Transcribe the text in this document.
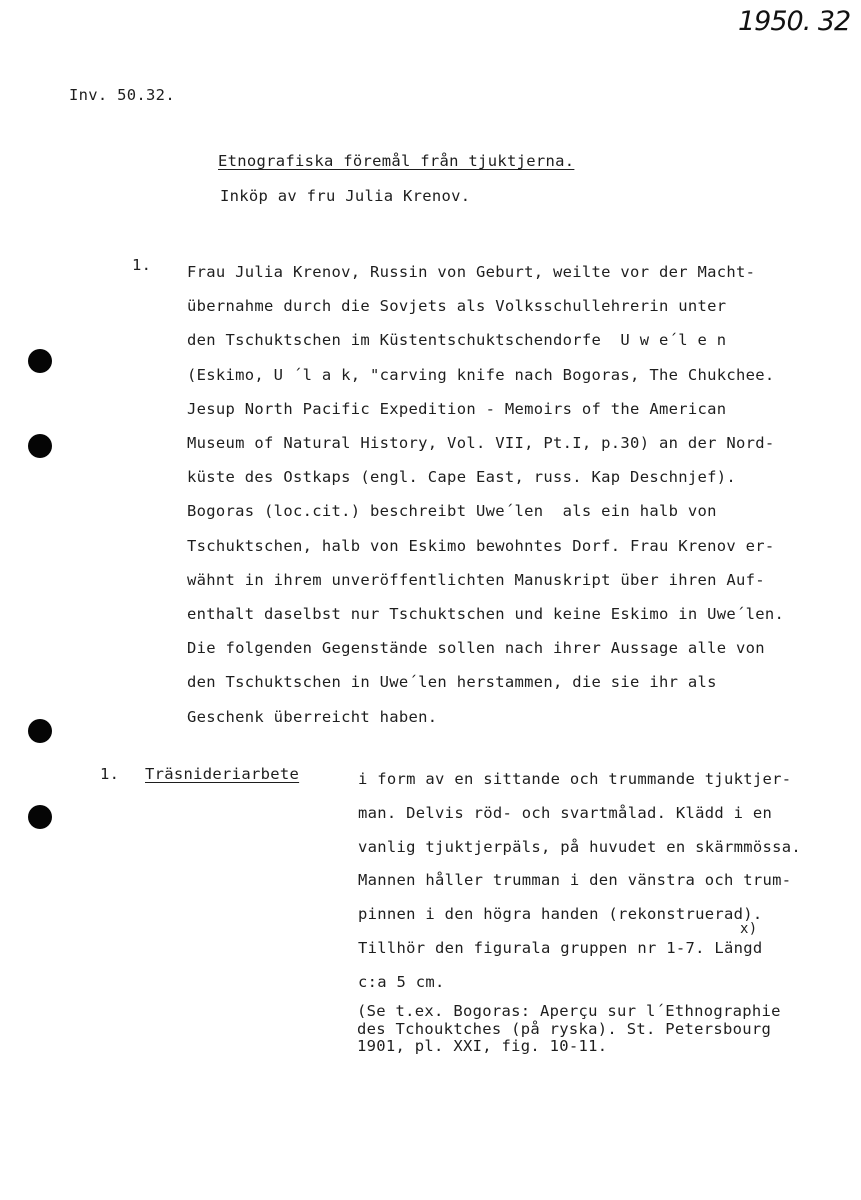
1950. 32
Inv. 50.32.
Etnografiska föremål från tjuktjerna.
Inköp av fru Julia Krenov.
1. Frau Julia Krenov, Russin von Geburt, weilte vor der Macht-
übernahme durch die Sovjets als Volksschullehrerin unter
den Tschuktschen im Küstentschuktschendorfe  U w e´l e n
(Eskimo, U ´l a k, "carving knife nach Bogoras, The Chukchee.
Jesup North Pacific Expedition - Memoirs of the American
Museum of Natural History, Vol. VII, Pt.I, p.30) an der Nord-
küste des Ostkaps (engl. Cape East, russ. Kap Deschnjef).
Bogoras (loc.cit.) beschreibt Uwe´len  als ein halb von
Tschuktschen, halb von Eskimo bewohntes Dorf. Frau Krenov er-
wähnt in ihrem unveröffentlichten Manuskript über ihren Auf-
enthalt daselbst nur Tschuktschen und keine Eskimo in Uwe´len.
Die folgenden Gegenstände sollen nach ihrer Aussage alle von
den Tschuktschen in Uwe´len herstammen, die sie ihr als
Geschenk überreicht haben.
1. Träsnideriarbete	i form av en sittande och trummande tjuktjer-
man. Delvis röd- och svartmålad. Klädd i en
vanlig tjuktjerpäls, på huvudet en skärmmössa.
Mannen håller trumman i den vänstra och trum-
pinnen i den högra handen (rekonstruerad).
Tillhör den figurala gruppen nr 1-7. Längd
c:a 5 cm.
x)
(Se t.ex. Bogoras: Aperçu sur l´Ethnographie
des Tchouktches (på ryska). St. Petersbourg
1901, pl. XXI, fig. 10-11.
